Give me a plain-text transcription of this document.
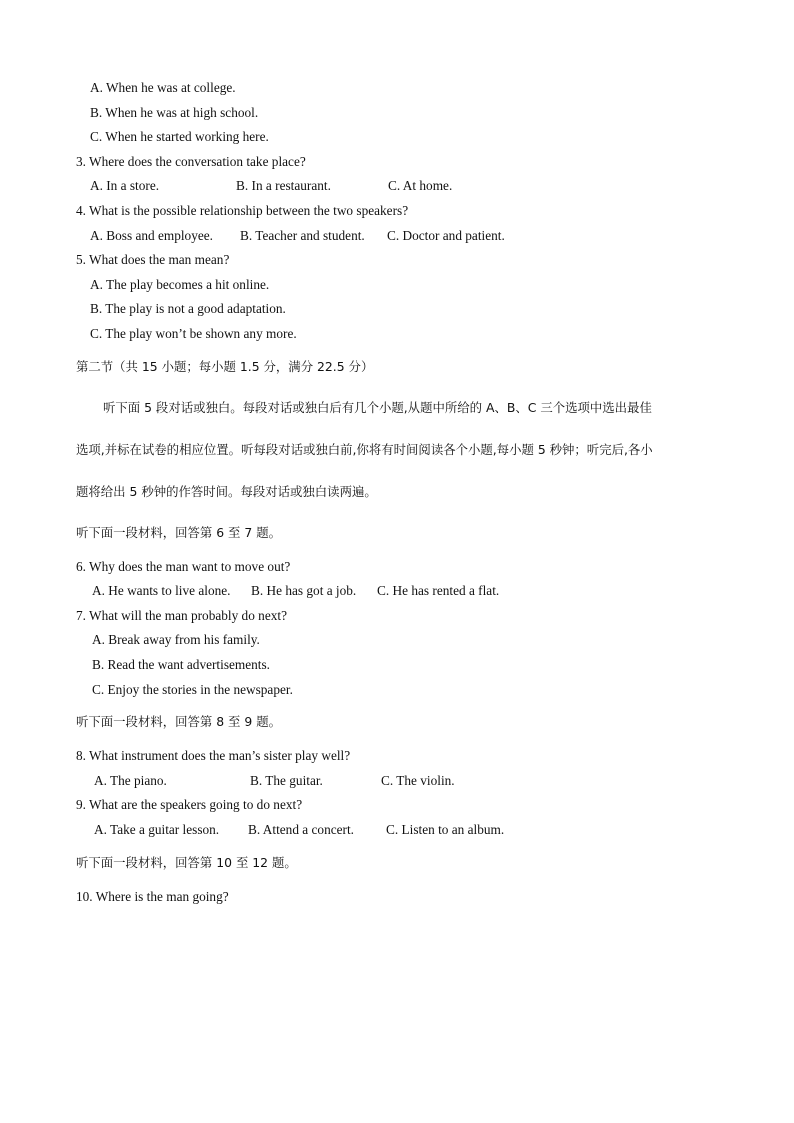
A. When he was at college.
B. When he was at high school.
C. When he started working here.
3. Where does the conversation take place?
A. In a store.	B. In a restaurant.	C. At home.
4. What is the possible relationship between the two speakers?
A. Boss and employee. B. Teacher and student. C. Doctor and patient.
5. What does the man mean?
A. The play becomes a hit online.
B. The play is not a good adaptation.
C. The play won’t be shown any more.
第二节（共 15 小题；每小题 1.5 分，满分 22.5 分）
听下面 5 段对话或独白。每段对话或独白后有几个小题,从题中所给的 A、B、C 三个选项中选出最佳
选项,并标在试卷的相应位置。听每段对话或独白前,你将有时间阅读各个小题,每小题 5 秒钟；听完后,各小
题将给出 5 秒钟的作答时间。每段对话或独白读两遍。
听下面一段材料，回答第 6 至 7 题。
6. Why does the man want to move out?
A. He wants to live alone. B. He has got a job. C. He has rented a flat.
7. What will the man probably do next?
A. Break away from his family.
B. Read the want advertisements.
C. Enjoy the stories in the newspaper.
听下面一段材料，回答第 8 至 9 题。
8. What instrument does the man’s sister play well?
A. The piano.	B. The guitar.	C. The violin.
9. What are the speakers going to do next?
A. Take a guitar lesson. B. Attend a concert. C. Listen to an album.
听下面一段材料，回答第 10 至 12 题。
10. Where is the man going?
